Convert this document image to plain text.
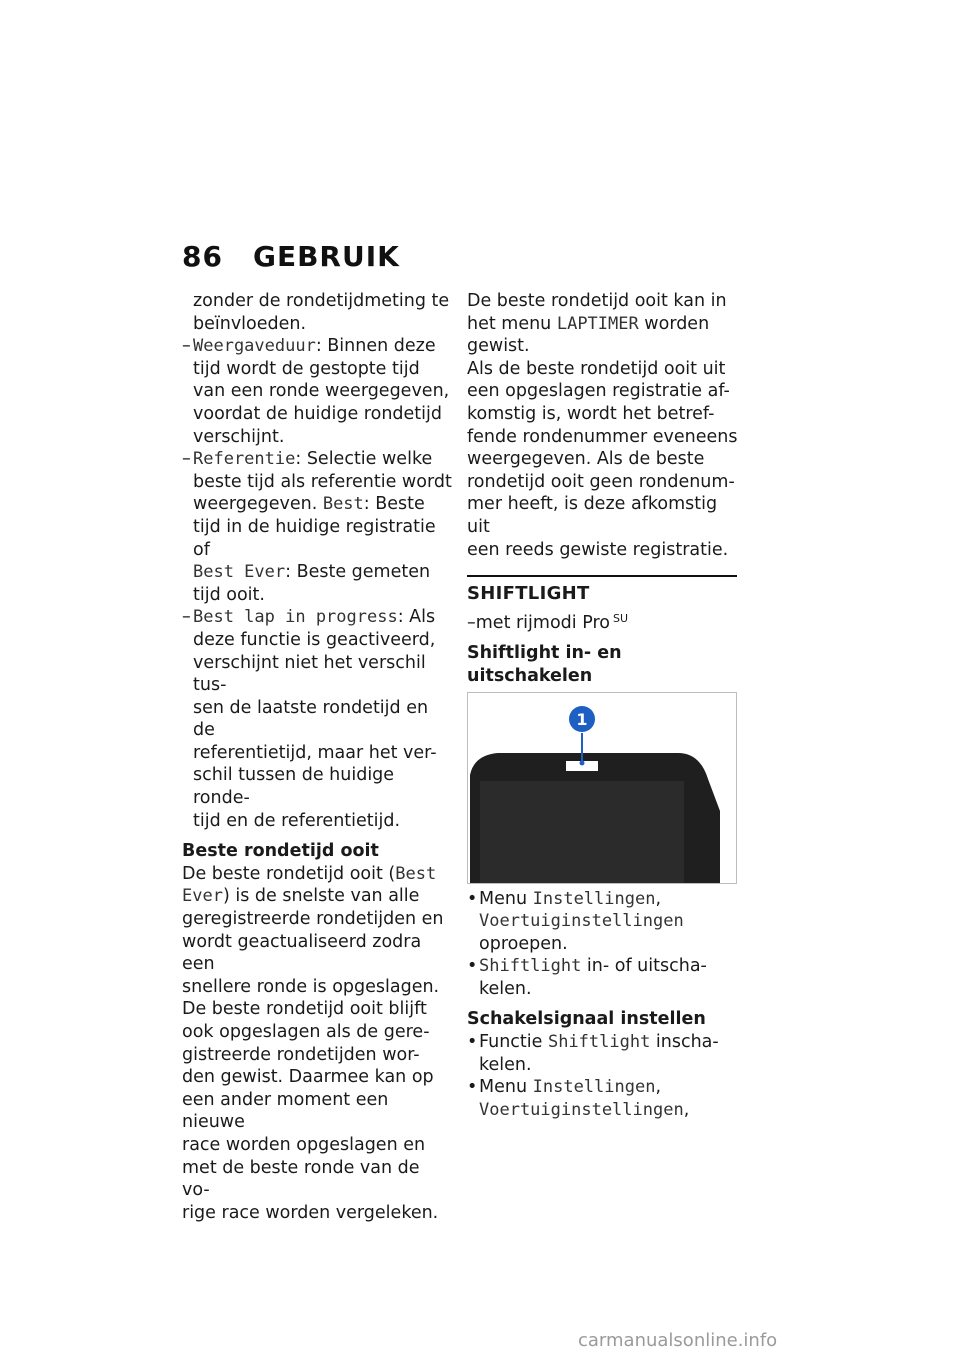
86 GEBRUIK

zonder de rondetijdmeting te

beïnvloeden.

– Weergaveduur: Binnen deze

tijd wordt de gestopte tijd

van een ronde weergegeven,

voordat de huidige rondetijd

verschijnt.

– Referentie: Selectie welke

beste tijd als referentie wordt

weergegeven. Best: Beste

tijd in de huidige registratie of

Best Ever: Beste gemeten

tijd ooit.

– Best lap in progress: Als

deze functie is geactiveerd,

verschijnt niet het verschil tus-

sen de laatste rondetijd en de

referentietijd, maar het ver-

schil tussen de huidige ronde-

tijd en de referentietijd.

Beste rondetijd ooit

De beste rondetijd ooit (Best

Ever) is de snelste van alle

geregistreerde rondetijden en

wordt geactualiseerd zodra een

snellere ronde is opgeslagen.

De beste rondetijd ooit blijft

ook opgeslagen als de gere-

gistreerde rondetijden wor-

den gewist. Daarmee kan op

een ander moment een nieuwe

race worden opgeslagen en

met de beste ronde van de vo-

rige race worden vergeleken.

De beste rondetijd ooit kan in

het menu LAPTIMER worden

gewist.

Als de beste rondetijd ooit uit

een opgeslagen registratie af-

komstig is, wordt het betref-

fende rondenummer eveneens

weergegeven. Als de beste

rondetijd ooit geen rondenum-

mer heeft, is deze afkomstig uit

een reeds gewiste registratie.

SHIFTLIGHT

–met rijmodi Pro $^{SU}$

Shiftlight in- en uitschakelen

1
• Menu Instellingen,

Voertuiginstellingen

oproepen.

• Shiftlight in- of uitscha-

kelen.

Schakelsignaal instellen

• Functie Shiftlight inscha-

kelen.

• Menu Instellingen,

Voertuiginstellingen,

carmanualsonline.info
